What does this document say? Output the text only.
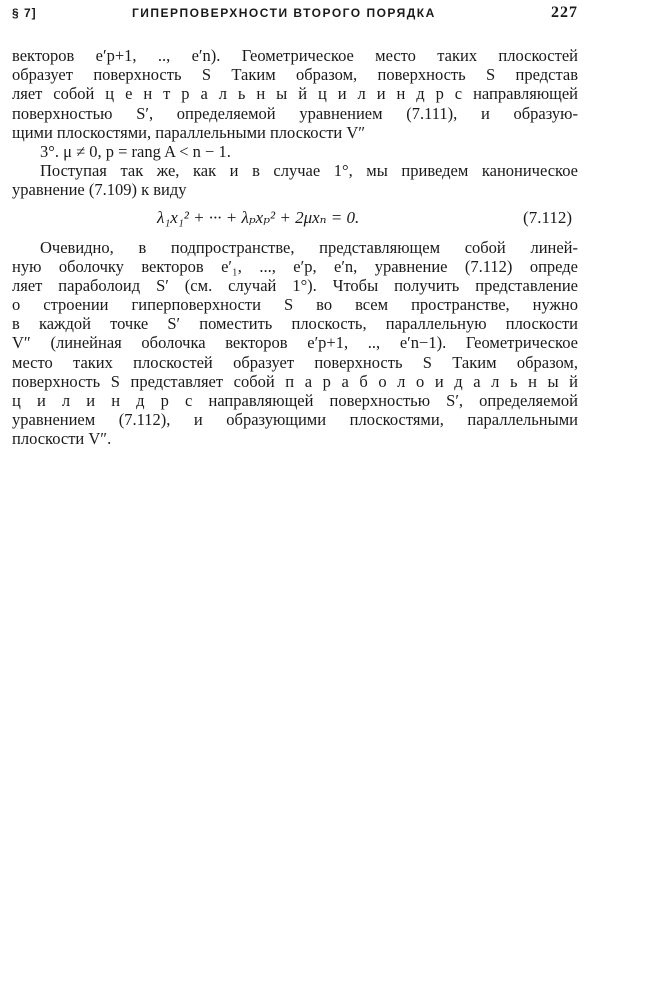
§ 7]	ГИПЕРПОВЕРХНОСТИ ВТОРОГО ПОРЯДКА	227
векторов e′p+1, .., e′n). Геометрическое место таких плоскостей
образует поверхность S Таким образом, поверхность S представ
ляет собой ц е н т р а л ь н ы й ц и л и н д р с направляющей
поверхностью S′, определяемой уравнением (7.111), и образую-
щими плоскостями, параллельными плоскости V″
3°. μ ≠ 0, p = rang A < n − 1.
Поступая так же, как и в случае 1°, мы приведем каноническое
уравнение (7.109) к виду
λ₁x₁² + ··· + λₚxₚ² + 2μxₙ = 0.	(7.112)
Очевидно, в подпространстве, представляющем собой линей-
ную оболочку векторов e′₁, ..., e′p, e′n, уравнение (7.112) опреде
ляет параболоид S′ (см. случай 1°). Чтобы получить представление
о строении гиперповерхности S во всем пространстве, нужно
в каждой точке S′ поместить плоскость, параллельную плоскости
V″ (линейная оболочка векторов e′p+1, .., e′n−1). Геометрическое
место таких плоскостей образует поверхность S Таким образом,
поверхность S представляет собой п а р а б о л о и д а л ь н ы й
ц и л и н д р с направляющей поверхностью S′, определяемой
уравнением (7.112), и образующими плоскостями, параллельными
плоскости V″.
